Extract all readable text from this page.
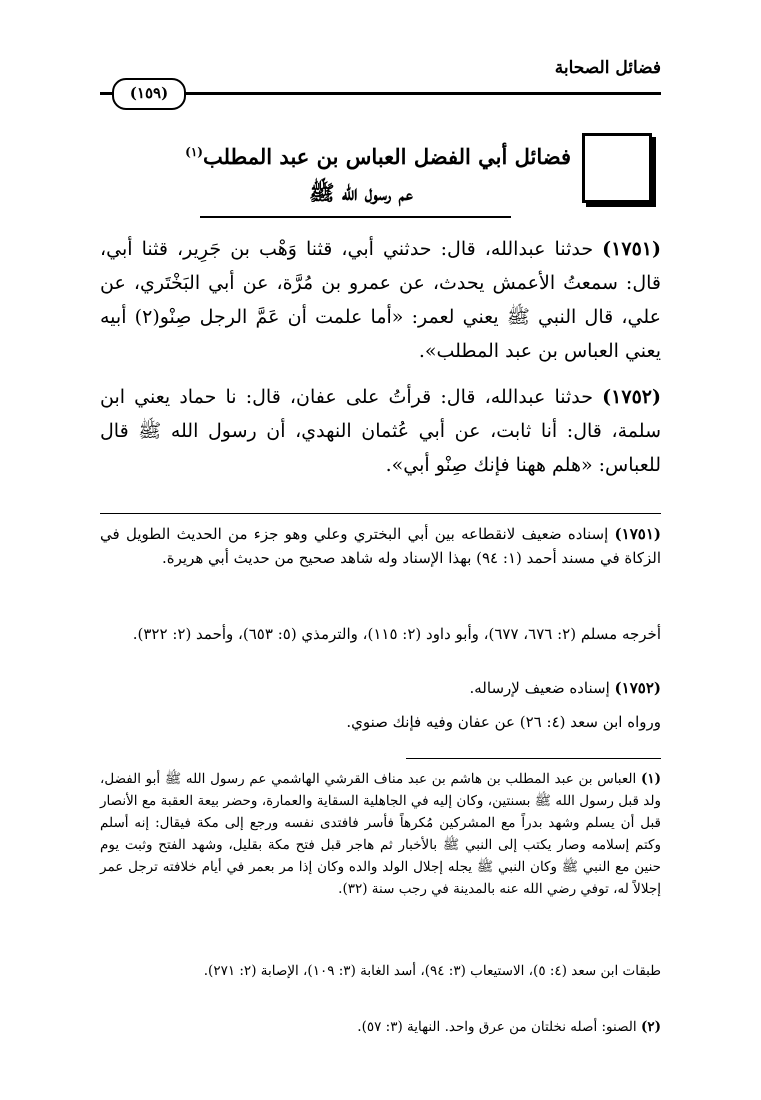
فضائل الصحابة
(١٥٩)
فضائل أبي الفضل العباس بن عبد المطلب$^{(١)}$
عم رسول الله ﷺ
(١٧٥١) حدثنا عبدالله، قال: حدثني أبي، قثنا وَهْب بن جَرِير، قثنا أبي، قال: سمعتُ الأعمش يحدث، عن عمرو بن مُرَّة، عن أبي البَخْتَري، عن علي، قال النبي ﷺ يعني لعمر: «أما علمت أن عَمَّ الرجل صِنْو(٢) أبيه يعني العباس بن عبد المطلب».
(١٧٥٢) حدثنا عبدالله، قال: قرأتُ على عفان، قال: نا حماد يعني ابن سلمة، قال: أنا ثابت، عن أبي عُثمان النهدي، أن رسول الله ﷺ قال للعباس: «هلم ههنا فإنك صِنْو أبي».
(١٧٥١) إسناده ضعيف لانقطاعه بين أبي البختري وعلي وهو جزء من الحديث الطويل في الزكاة في مسند أحمد (١: ٩٤) بهذا الإسناد وله شاهد صحيح من حديث أبي هريرة.
أخرجه مسلم (٢: ٦٧٦، ٦٧٧)، وأبو داود (٢: ١١٥)، والترمذي (٥: ٦٥٣)، وأحمد (٢: ٣٢٢).
(١٧٥٢) إسناده ضعيف لإرساله.
ورواه ابن سعد (٤: ٢٦) عن عفان وفيه فإنك صنوي.
(١) العباس بن عبد المطلب بن هاشم بن عبد مناف القرشي الهاشمي عم رسول الله ﷺ أبو الفضل، ولد قبل رسول الله ﷺ بسنتين، وكان إليه في الجاهلية السقاية والعمارة، وحضر بيعة العقبة مع الأنصار قبل أن يسلم وشهد بدراً مع المشركين مُكرهاً فأسر فافتدى نفسه ورجع إلى مكة فيقال: إنه أسلم وكتم إسلامه وصار يكتب إلى النبي ﷺ بالأخبار ثم هاجر قبل فتح مكة بقليل، وشهد الفتح وثبت يوم حنين مع النبي ﷺ وكان النبي ﷺ يجله إجلال الولد والده وكان إذا مر بعمر في أيام خلافته ترجل عمر إجلالاً له، توفي رضي الله عنه بالمدينة في رجب سنة (٣٢).
طبقات ابن سعد (٤: ٥)، الاستيعاب (٣: ٩٤)، أسد الغابة (٣: ١٠٩)، الإصابة (٢: ٢٧١).
(٢) الصنو: أصله نخلتان من عرق واحد. النهاية (٣: ٥٧).
